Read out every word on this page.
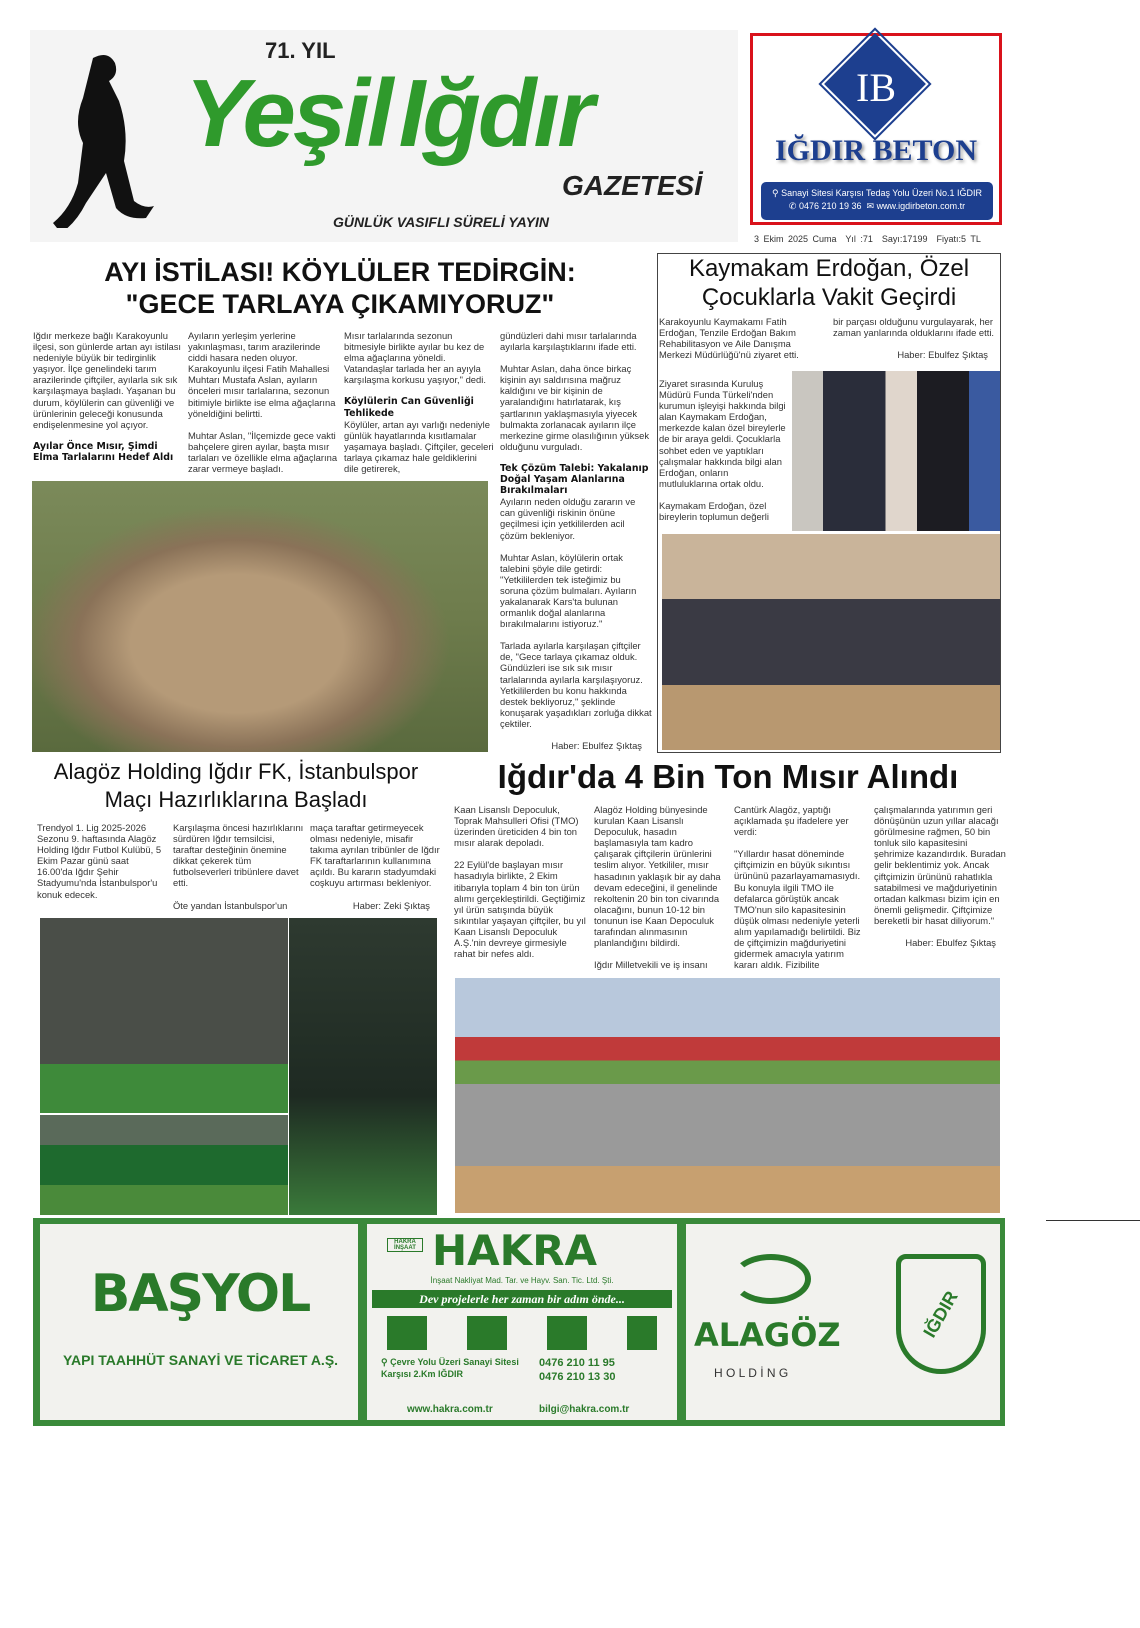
71. YIL
YeşilIğdır
GAZETESİ
GÜNLÜK VASIFLI SÜRELİ YAYIN
IB
IĞDIR BETON
⚲ Sanayi Sitesi Karşısı Tedaş Yolu Üzeri No.1 IĞDIR
✆ 0476 210 19 36 ✉ www.igdirbeton.com.tr
3 Ekim 2025 Cuma Yıl :71 Sayı:17199 Fiyatı:5 TL
AYI İSTİLASI! KÖYLÜLER TEDİRGİN:
"GECE TARLAYA ÇIKAMIYORUZ"

Iğdır merkeze bağlı Karakoyunlu ilçesi, son günlerde artan ayı istilası nedeniyle büyük bir tedirginlik yaşıyor. İlçe genelindeki tarım arazilerinde çiftçiler, ayılarla sık sık karşılaşmaya başladı. Yaşanan bu durum, köylülerin can güvenliği ve ürünlerinin geleceği konusunda endişelenmesine yol açıyor.

Ayılar Önce Mısır, Şimdi Elma Tarlalarını Hedef Aldı

Ayıların yerleşim yerlerine yakınlaşması, tarım arazilerinde ciddi hasara neden oluyor. Karakoyunlu ilçesi Fatih Mahallesi Muhtarı Mustafa Aslan, ayıların önceleri mısır tarlalarına, sezonun bitimiyle birlikte ise elma ağaçlarına yöneldiğini belirtti.

Muhtar Aslan, "İlçemizde gece vakti bahçelere giren ayılar, başta mısır tarlaları ve özellikle elma ağaçlarına zarar vermeye başladı.

Mısır tarlalarında sezonun bitmesiyle birlikte ayılar bu kez de elma ağaçlarına yöneldi. Vatandaşlar tarlada her an ayıyla karşılaşma korkusu yaşıyor," dedi.

Köylülerin Can Güvenliği Tehlikede

Köylüler, artan ayı varlığı nedeniyle günlük hayatlarında kısıtlamalar yaşamaya başladı. Çiftçiler, geceleri tarlaya çıkamaz hale geldiklerini dile getirerek,

gündüzleri dahi mısır tarlalarında ayılarla karşılaştıklarını ifade etti.

Muhtar Aslan, daha önce birkaç kişinin ayı saldırısına mağruz kaldığını ve bir kişinin de yaralandığını hatırlatarak, kış şartlarının yaklaşmasıyla yiyecek bulmakta zorlanacak ayıların ilçe merkezine girme olasılığının yüksek olduğunu vurguladı.

Tek Çözüm Talebi: Yakalanıp Doğal Yaşam Alanlarına Bırakılmaları

Ayıların neden olduğu zararın ve can güvenliği riskinin önüne geçilmesi için yetkililerden acil çözüm bekleniyor.

Muhtar Aslan, köylülerin ortak talebini şöyle dile getirdi: "Yetkililerden tek isteğimiz bu soruna çözüm bulmaları. Ayıların yakalanarak Kars'ta bulunan ormanlık doğal alanlarına bırakılmalarını istiyoruz."

Tarlada ayılarla karşılaşan çiftçiler de, "Gece tarlaya çıkamaz olduk. Gündüzleri ise sık sık mısır tarlalarında ayılarla karşılaşıyoruz. Yetkililerden bu konu hakkında destek bekliyoruz," şeklinde konuşarak yaşadıkları zorluğa dikkat çektiler.

Haber: Ebulfez Şıktaş

Kaymakam Erdoğan, Özel
Çocuklarla Vakit Geçirdi

Karakoyunlu Kaymakamı Fatih Erdoğan, Tenzile Erdoğan Bakım Rehabilitasyon ve Aile Danışma Merkezi Müdürlüğü'nü ziyaret etti.

bir parçası olduğunu vurgulayarak, her zaman yanlarında olduklarını ifade etti.

Haber: Ebulfez Şıktaş

Ziyaret sırasında Kuruluş Müdürü Funda Türkeli'nden kurumun işleyişi hakkında bilgi alan Kaymakam Erdoğan, merkezde kalan özel bireylerle de bir araya geldi. Çocuklarla sohbet eden ve yaptıkları çalışmalar hakkında bilgi alan Erdoğan, onların mutluluklarına ortak oldu.

Kaymakam Erdoğan, özel bireylerin toplumun değerli

Alagöz Holding Iğdır FK, İstanbulspor
Maçı Hazırlıklarına Başladı

Trendyol 1. Lig 2025-2026 Sezonu 9. haftasında Alagöz Holding Iğdır Futbol Kulübü, 5 Ekim Pazar günü saat 16.00'da Iğdır Şehir Stadyumu'nda İstanbulspor'u konuk edecek.

Karşılaşma öncesi hazırlıklarını sürdüren Iğdır temsilcisi, taraftar desteğinin önemine dikkat çekerek tüm futbolseverleri tribünlere davet etti.

Öte yandan İstanbulspor'un

maça taraftar getirmeyecek olması nedeniyle, misafir takıma ayrılan tribünler de Iğdır FK taraftarlarının kullanımına açıldı. Bu kararın stadyumdaki coşkuyu artırması bekleniyor.

Haber: Zeki Şıktaş

Iğdır'da 4 Bin Ton Mısır Alındı

Kaan Lisanslı Depoculuk, Toprak Mahsulleri Ofisi (TMO) üzerinden üreticiden 4 bin ton mısır alarak depoladı.

22 Eylül'de başlayan mısır hasadıyla birlikte, 2 Ekim itibarıyla toplam 4 bin ton ürün alımı gerçekleştirildi. Geçtiğimiz yıl ürün satışında büyük sıkıntılar yaşayan çiftçiler, bu yıl Kaan Lisanslı Depoculuk A.Ş.'nin devreye girmesiyle rahat bir nefes aldı.

Alagöz Holding bünyesinde kurulan Kaan Lisanslı Depoculuk, hasadın başlamasıyla tam kadro çalışarak çiftçilerin ürünlerini teslim alıyor. Yetkililer, mısır hasadının yaklaşık bir ay daha devam edeceğini, il genelinde rekoltenin 20 bin ton civarında olacağını, bunun 10-12 bin tonunun ise Kaan Depoculuk tarafından alınmasının planlandığını bildirdi.

Iğdır Milletvekili ve iş insanı

Cantürk Alagöz, yaptığı açıklamada şu ifadelere yer verdi:

"Yıllardır hasat döneminde çiftçimizin en büyük sıkıntısı ürününü pazarlayamamasıydı. Bu konuyla ilgili TMO ile defalarca görüştük ancak TMO'nun silo kapasitesinin düşük olması nedeniyle yeterli alım yapılamadığı belirtildi. Biz de çiftçimizin mağduriyetini gidermek amacıyla yatırım kararı aldık. Fizibilite

çalışmalarında yatırımın geri dönüşünün uzun yıllar alacağı görülmesine rağmen, 50 bin tonluk silo kapasitesini şehrimize kazandırdık. Buradan gelir beklentimiz yok. Ancak çiftçimizin ürününü rahatlıkla satabilmesi ve mağduriyetinin ortadan kalkması bizim için en önemli gelişmedir. Çiftçimize bereketli bir hasat diliyorum."

Haber: Ebulfez Şıktaş

BAŞYOL
YAPI TAAHHÜT SANAYİ VE TİCARET A.Ş.
HAKRA İNŞAAT HAKRA
İnşaat Nakliyat Mad. Tar. ve Hayv. San. Tic. Ltd. Şti.
Dev projelerle her zaman bir adım önde...
⚲ Çevre Yolu Üzeri Sanayi Sitesi Karşısı 2.Km IĞDIR
0476 210 11 95
0476 210 13 30
www.hakra.com.tr	bilgi@hakra.com.tr
ALAGÖZ
H O L D İ N G
IĞDIR
